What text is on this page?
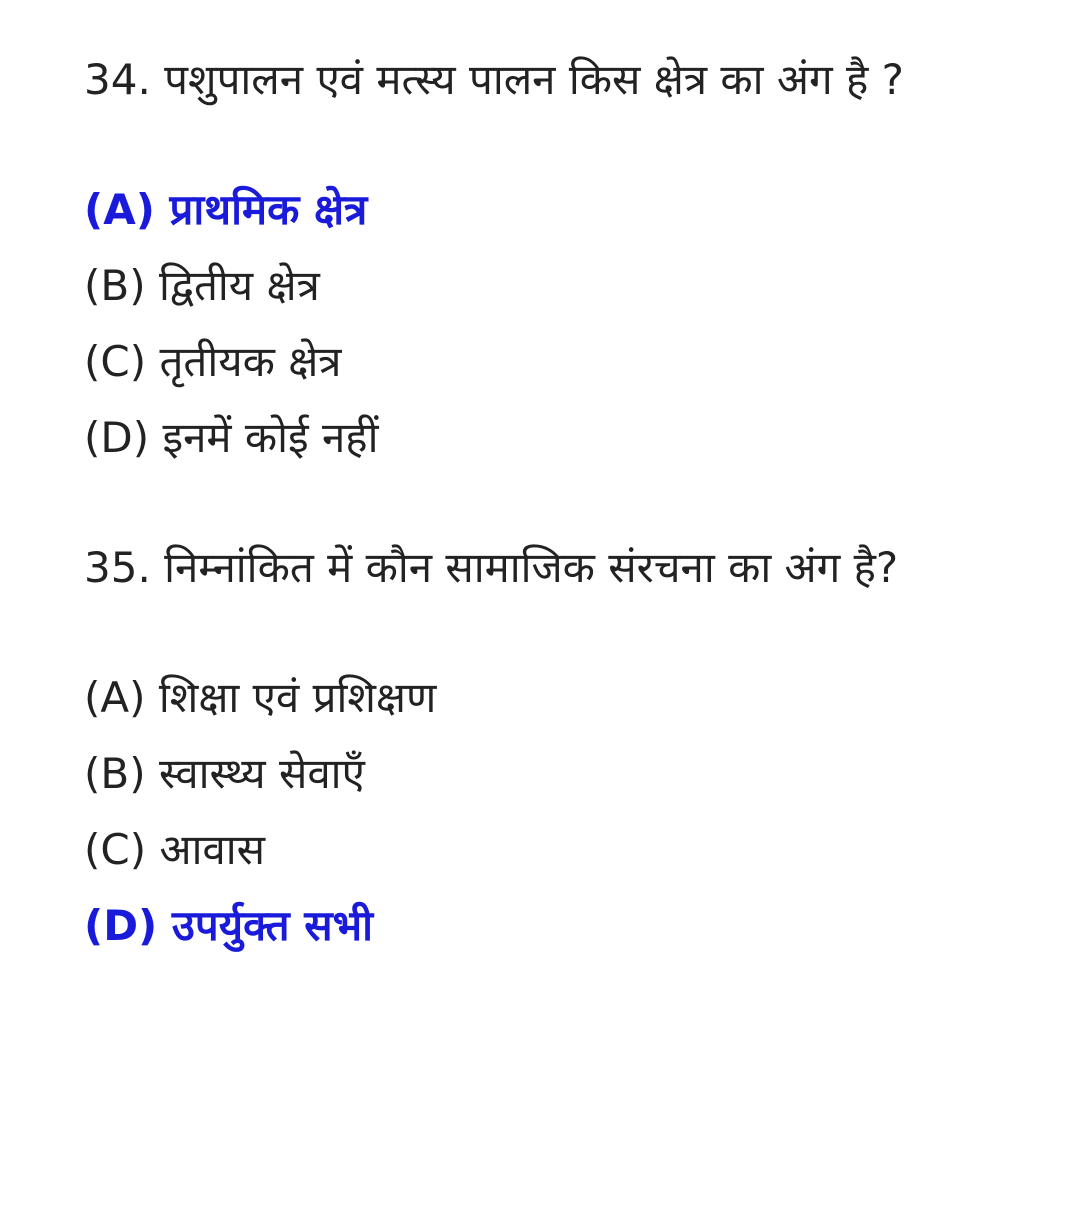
34. पशुपालन एवं मत्स्य पालन किस क्षेत्र का अंग है ?

(A) प्राथमिक क्षेत्र
(B) द्वितीय क्षेत्र
(C) तृतीयक क्षेत्र
(D) इनमें कोई नहीं

35. निम्नांकित में कौन सामाजिक संरचना का अंग है?

(A) शिक्षा एवं प्रशिक्षण
(B) स्वास्थ्य सेवाएँ
(C) आवास
(D) उपर्युक्त सभी
